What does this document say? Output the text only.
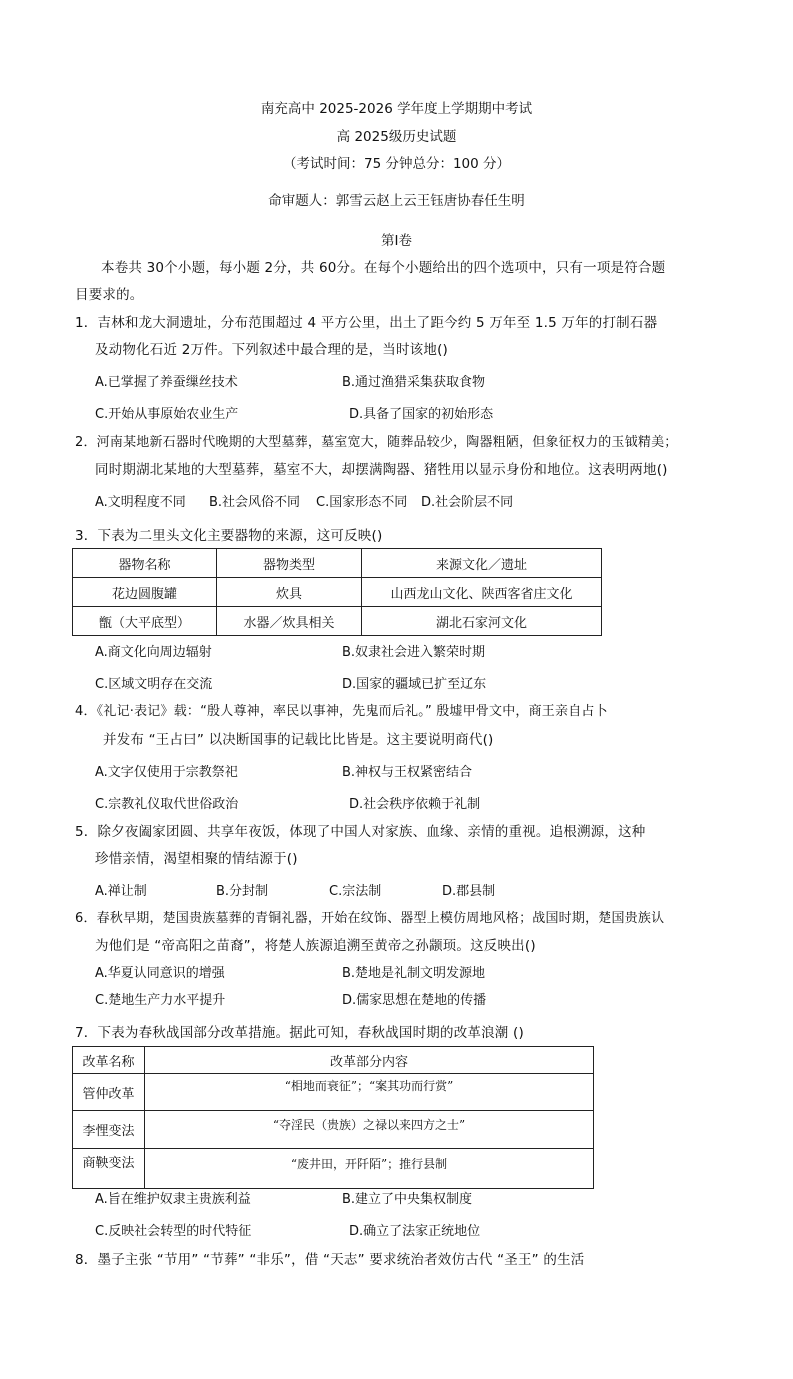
南充高中 2025-2026 学年度上学期期中考试
高 2025级历史试题
（考试时间：75 分钟总分：100 分）
命审题人：郭雪云赵上云王钰唐协春任生明
第Ⅰ卷
本卷共 30个小题，每小题 2分，共 60分。在每个小题给出的四个选项中，只有一项是符合题
目要求的。
1．吉林和龙大洞遗址，分布范围超过 4 平方公里，出土了距今约 5 万年至 1.5 万年的打制石器
及动物化石近 2万件。下列叙述中最合理的是，当时该地()
A.已掌握了养蚕缫丝技术	B.通过渔猎采集获取食物
C.开始从事原始农业生产	D.具备了国家的初始形态
2．河南某地新石器时代晚期的大型墓葬，墓室宽大，随葬品较少，陶器粗陋，但象征权力的玉钺精美；
同时期湖北某地的大型墓葬，墓室不大，却摆满陶器、猪牲用以显示身份和地位。这表明两地()
A.文明程度不同 B.社会风俗不同 C.国家形态不同 D.社会阶层不同
3．下表为二里头文化主要器物的来源，这可反映()
器物名称	器物类型	来源文化／遗址
花边圆腹罐	炊具	山西龙山文化、陕西客省庄文化
甑（大平底型）	水器／炊具相关	湖北石家河文化
A.商文化向周边辐射	B.奴隶社会进入繁荣时期
C.区域文明存在交流	D.国家的疆域已扩至辽东
4．《礼记·表记》载：“殷人尊神，率民以事神，先鬼而后礼。” 殷墟甲骨文中，商王亲自占卜
并发布 “王占曰” 以决断国事的记载比比皆是。这主要说明商代()
A.文字仅使用于宗教祭祀	B.神权与王权紧密结合
C.宗教礼仪取代世俗政治	D.社会秩序依赖于礼制
5．除夕夜阖家团圆、共享年夜饭，体现了中国人对家族、血缘、亲情的重视。追根溯源，这种
珍惜亲情，渴望相聚的情结源于()
A.禅让制	B.分封制	C.宗法制	D.郡县制
6．春秋早期，楚国贵族墓葬的青铜礼器，开始在纹饰、器型上模仿周地风格；战国时期，楚国贵族认
为他们是 “帝高阳之苗裔”，将楚人族源追溯至黄帝之孙颛顼。这反映出()
A.华夏认同意识的增强	B.楚地是礼制文明发源地
C.楚地生产力水平提升	D.儒家思想在楚地的传播
7．下表为春秋战国部分改革措施。据此可知，春秋战国时期的改革浪潮 ()
改革名称	改革部分内容
管仲改革	“相地而衰征”；“案其功而行赏”
李悝变法	“夺淫民（贵族）之禄以来四方之士”
商鞅变法	“废井田，开阡陌”；推行县制
A.旨在维护奴隶主贵族利益	B.建立了中央集权制度
C.反映社会转型的时代特征	D.确立了法家正统地位
8．墨子主张 “节用” “节葬” “非乐”，借 “天志” 要求统治者效仿古代 “圣王” 的生活
